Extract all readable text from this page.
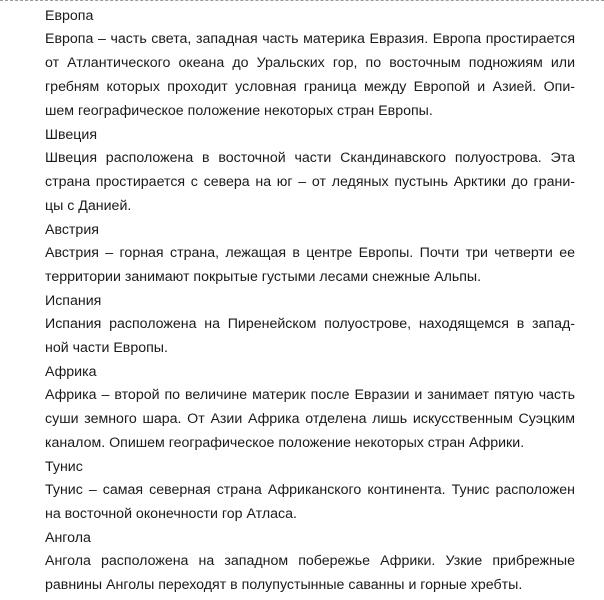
Европа
Европа – часть света, западная часть материка Евразия. Европа простирается
от Атлантического океана до Уральских гор, по восточным подножиям или
гребням которых проходит условная граница между Европой и Азией. Опи-
шем географическое положение некоторых стран Европы.
Швеция
Швеция расположена в восточной части Скандинавского полуострова. Эта
страна простирается с севера на юг – от ледяных пустынь Арктики до грани-
цы с Данией.
Австрия
Австрия – горная страна, лежащая в центре Европы. Почти три четверти ее
территории занимают покрытые густыми лесами снежные Альпы.
Испания
Испания расположена на Пиренейском полуострове, находящемся в запад-
ной части Европы.
Африка
Африка – второй по величине материк после Евразии и занимает пятую часть
суши земного шара. От Азии Африка отделена лишь искусственным Суэцким
каналом. Опишем географическое положение некоторых стран Африки.
Тунис
Тунис – самая северная страна Африканского континента. Тунис расположен
на восточной оконечности гор Атласа.
Ангола
Ангола расположена на западном побережье Африки. Узкие прибрежные
равнины Анголы переходят в полупустынные саванны и горные хребты.
